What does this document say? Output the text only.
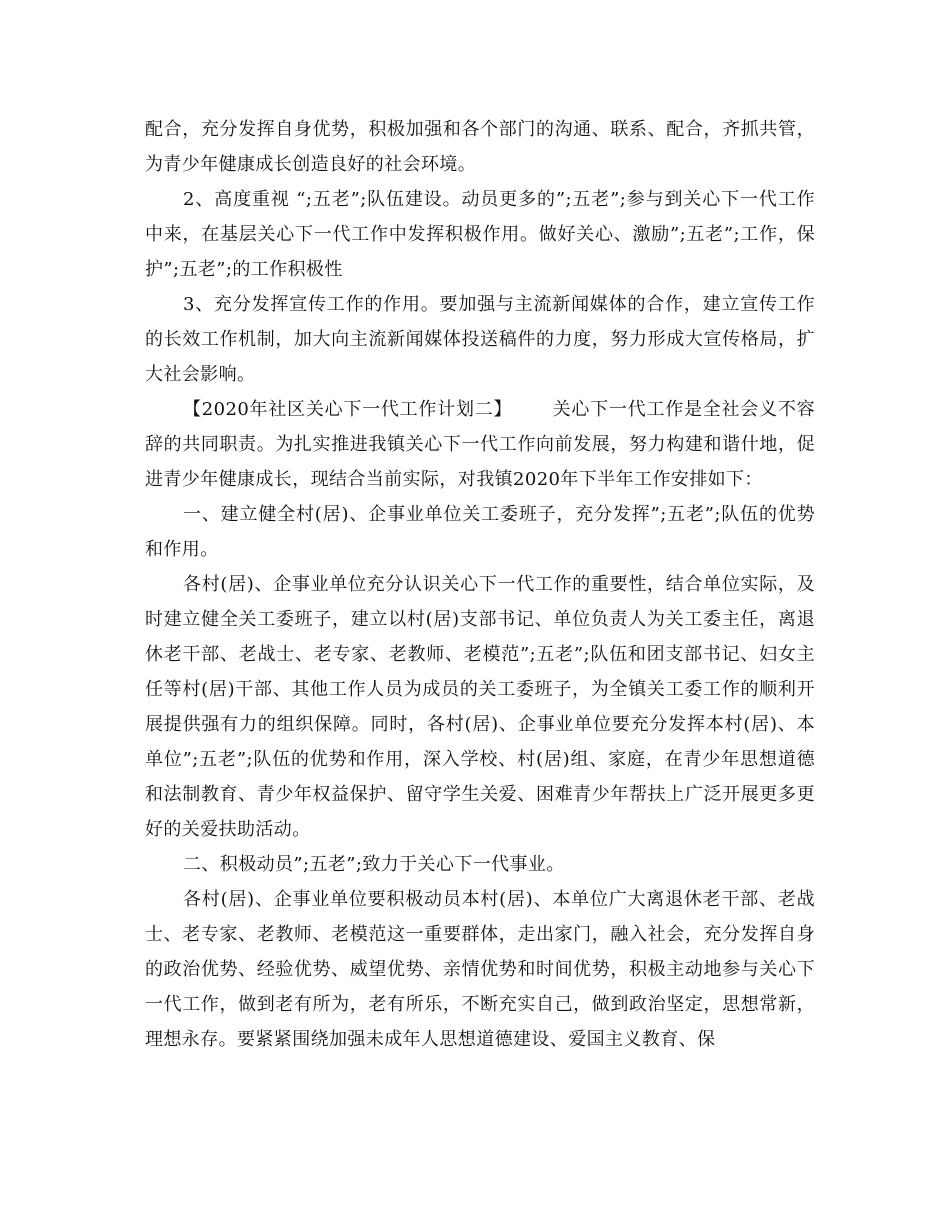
配合，充分发挥自身优势，积极加强和各个部门的沟通、联系、配合，齐抓共管，为青少年健康成长创造良好的社会环境。

2、高度重视 “;五老”;队伍建设。动员更多的”;五老”;参与到关心下一代工作中来，在基层关心下一代工作中发挥积极作用。做好关心、激励”;五老”;工作，保护”;五老”;的工作积极性

3、充分发挥宣传工作的作用。要加强与主流新闻媒体的合作，建立宣传工作的长效工作机制，加大向主流新闻媒体投送稿件的力度，努力形成大宣传格局，扩大社会影响。

【2020年社区关心下一代工作计划二】 关心下一代工作是全社会义不容辞的共同职责。为扎实推进我镇关心下一代工作向前发展，努力构建和谐什地，促进青少年健康成长，现结合当前实际，对我镇2020年下半年工作安排如下：

一、建立健全村(居)、企事业单位关工委班子，充分发挥”;五老”;队伍的优势和作用。

各村(居)、企事业单位充分认识关心下一代工作的重要性，结合单位实际，及时建立健全关工委班子，建立以村(居)支部书记、单位负责人为关工委主任，离退休老干部、老战士、老专家、老教师、老模范”;五老”;队伍和团支部书记、妇女主任等村(居)干部、其他工作人员为成员的关工委班子，为全镇关工委工作的顺利开展提供强有力的组织保障。同时，各村(居)、企事业单位要充分发挥本村(居)、本单位”;五老”;队伍的优势和作用，深入学校、村(居)组、家庭，在青少年思想道德和法制教育、青少年权益保护、留守学生关爱、困难青少年帮扶上广泛开展更多更好的关爱扶助活动。

二、积极动员”;五老”;致力于关心下一代事业。

各村(居)、企事业单位要积极动员本村(居)、本单位广大离退休老干部、老战士、老专家、老教师、老模范这一重要群体，走出家门，融入社会，充分发挥自身的政治优势、经验优势、威望优势、亲情优势和时间优势，积极主动地参与关心下一代工作，做到老有所为，老有所乐，不断充实自己，做到政治坚定，思想常新，理想永存。要紧紧围绕加强未成年人思想道德建设、爱国主义教育、保
